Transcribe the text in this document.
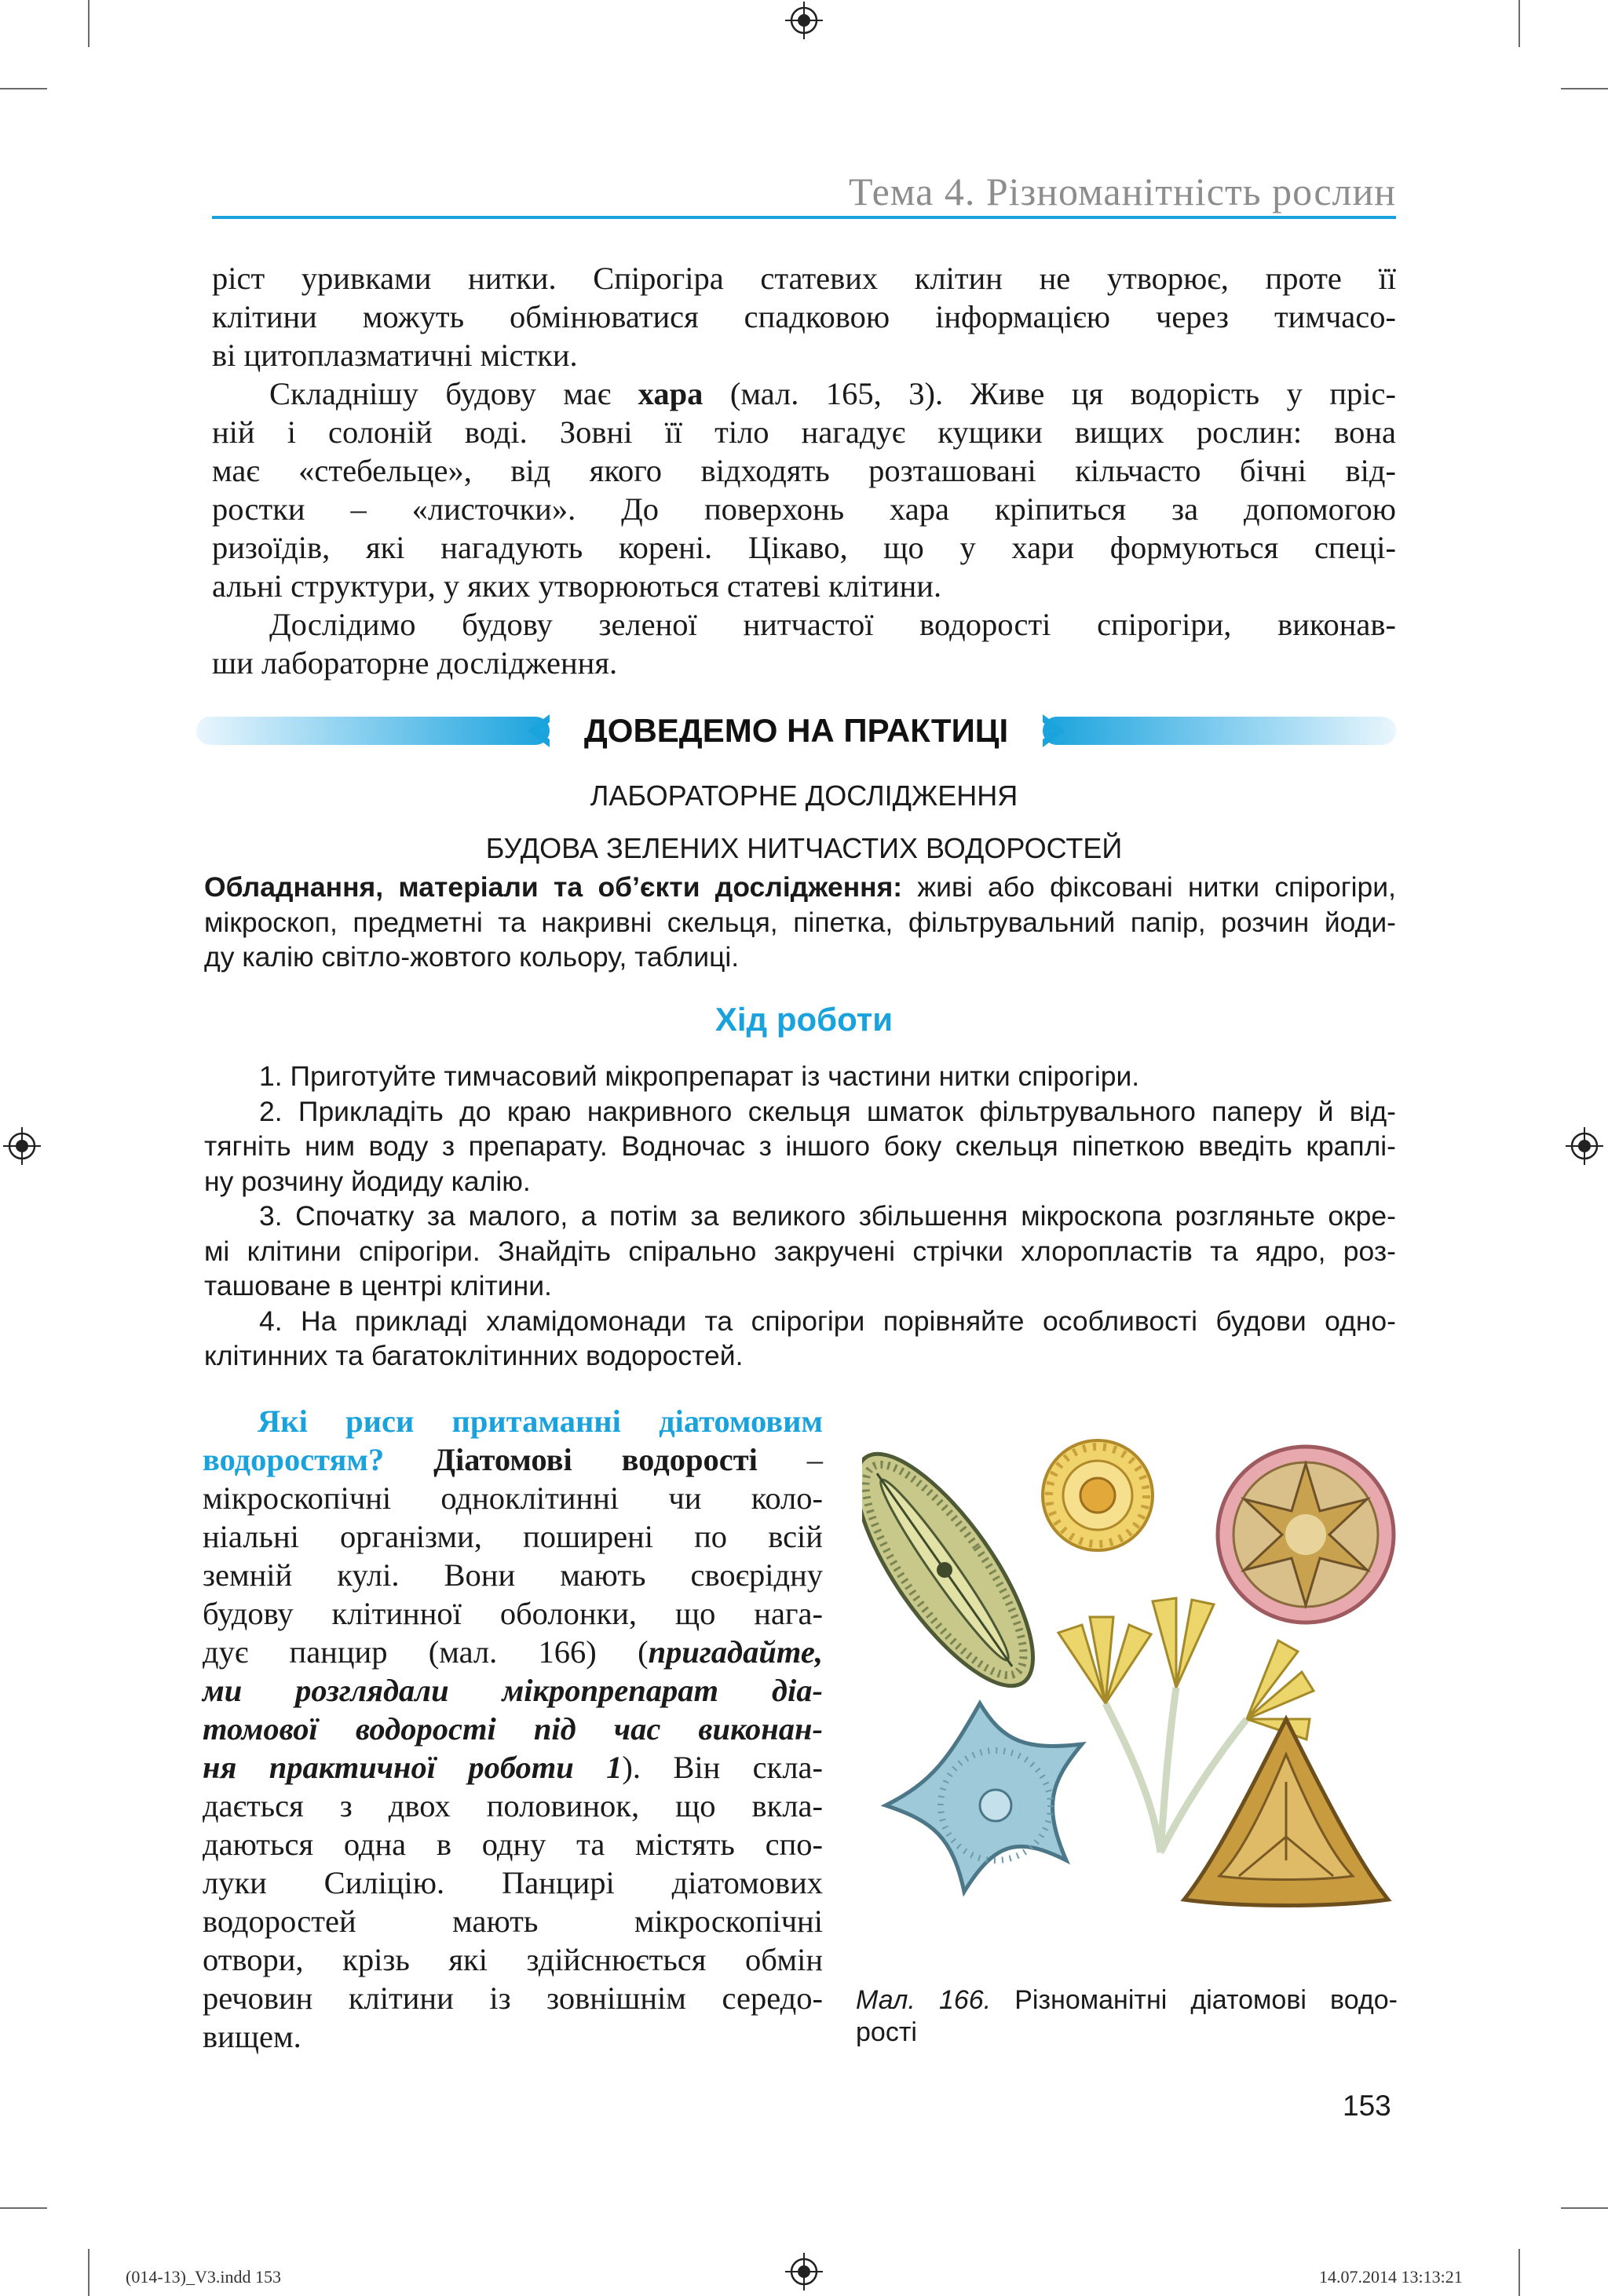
Тема 4. Різноманітність рослин
ріст уривками нитки. Спірогіра статевих клітин не утворює, проте її
клітини можуть обмінюватися спадковою інформацією через тимчасо-
ві цитоплазматичні містки.
Складнішу будову має хара (мал. 165, 3). Живе ця водорість у пріс-
ній і солоній воді. Зовні її тіло нагадує кущики вищих рослин: вона
має «стебельце», від якого відходять розташовані кільчасто бічні від-
ростки – «листочки». До поверхонь хара кріпиться за допомогою
ризоїдів, які нагадують корені. Цікаво, що у хари формуються спеці-
альні структури, у яких утворюються статеві клітини.
Дослідимо будову зеленої нитчастої водорості спірогіри, виконав-
ши лабораторне дослідження.
ДОВЕДЕМО НА ПРАКТИЦІ
ЛАБОРАТОРНЕ ДОСЛІДЖЕННЯ
БУДОВА ЗЕЛЕНИХ НИТЧАСТИХ ВОДОРОСТЕЙ
Обладнання, матеріали та об’єкти дослідження: живі або фіксовані нитки спірогіри,
мікроскоп, предметні та накривні скельця, піпетка, фільтрувальний папір, розчин йоди-
ду калію світло-жовтого кольору, таблиці.
Хід роботи
1. Приготуйте тимчасовий мікропрепарат із частини нитки спірогіри.
2. Прикладіть до краю накривного скельця шматок фільтрувального паперу й від-
тягніть ним воду з препарату. Водночас з іншого боку скельця піпеткою введіть краплі-
ну розчину йодиду калію.
3. Спочатку за малого, а потім за великого збільшення мікроскопа розгляньте окре-
мі клітини спірогіри. Знайдіть спірально закручені стрічки хлоропластів та ядро, роз-
ташоване в центрі клітини.
4. На прикладі хламідомонади та спірогіри порівняйте особливості будови одно-
клітинних та багатоклітинних водоростей.
Які риси притаманні діатомовим
водоростям? Діатомові водорості –
мікроскопічні одноклітинні чи коло-
ніальні організми, поширені по всій
земній кулі. Вони мають своєрідну
будову клітинної оболонки, що нага-
дує панцир (мал. 166) (пригадайте,
ми розглядали мікропрепарат діа-
томової водорості під час виконан-
ня практичної роботи 1). Він скла-
дається з двох половинок, що вкла-
даються одна в одну та містять спо-
луки Силіцію. Панцирі діатомових
водоростей мають мікроскопічні
отвори, крізь які здійснюється обмін
речовин клітини із зовнішнім середо-
вищем.
Мал. 166. Різноманітні діатомові водо-
рості
153
(014-13)_V3.indd 153	14.07.2014 13:13:21
